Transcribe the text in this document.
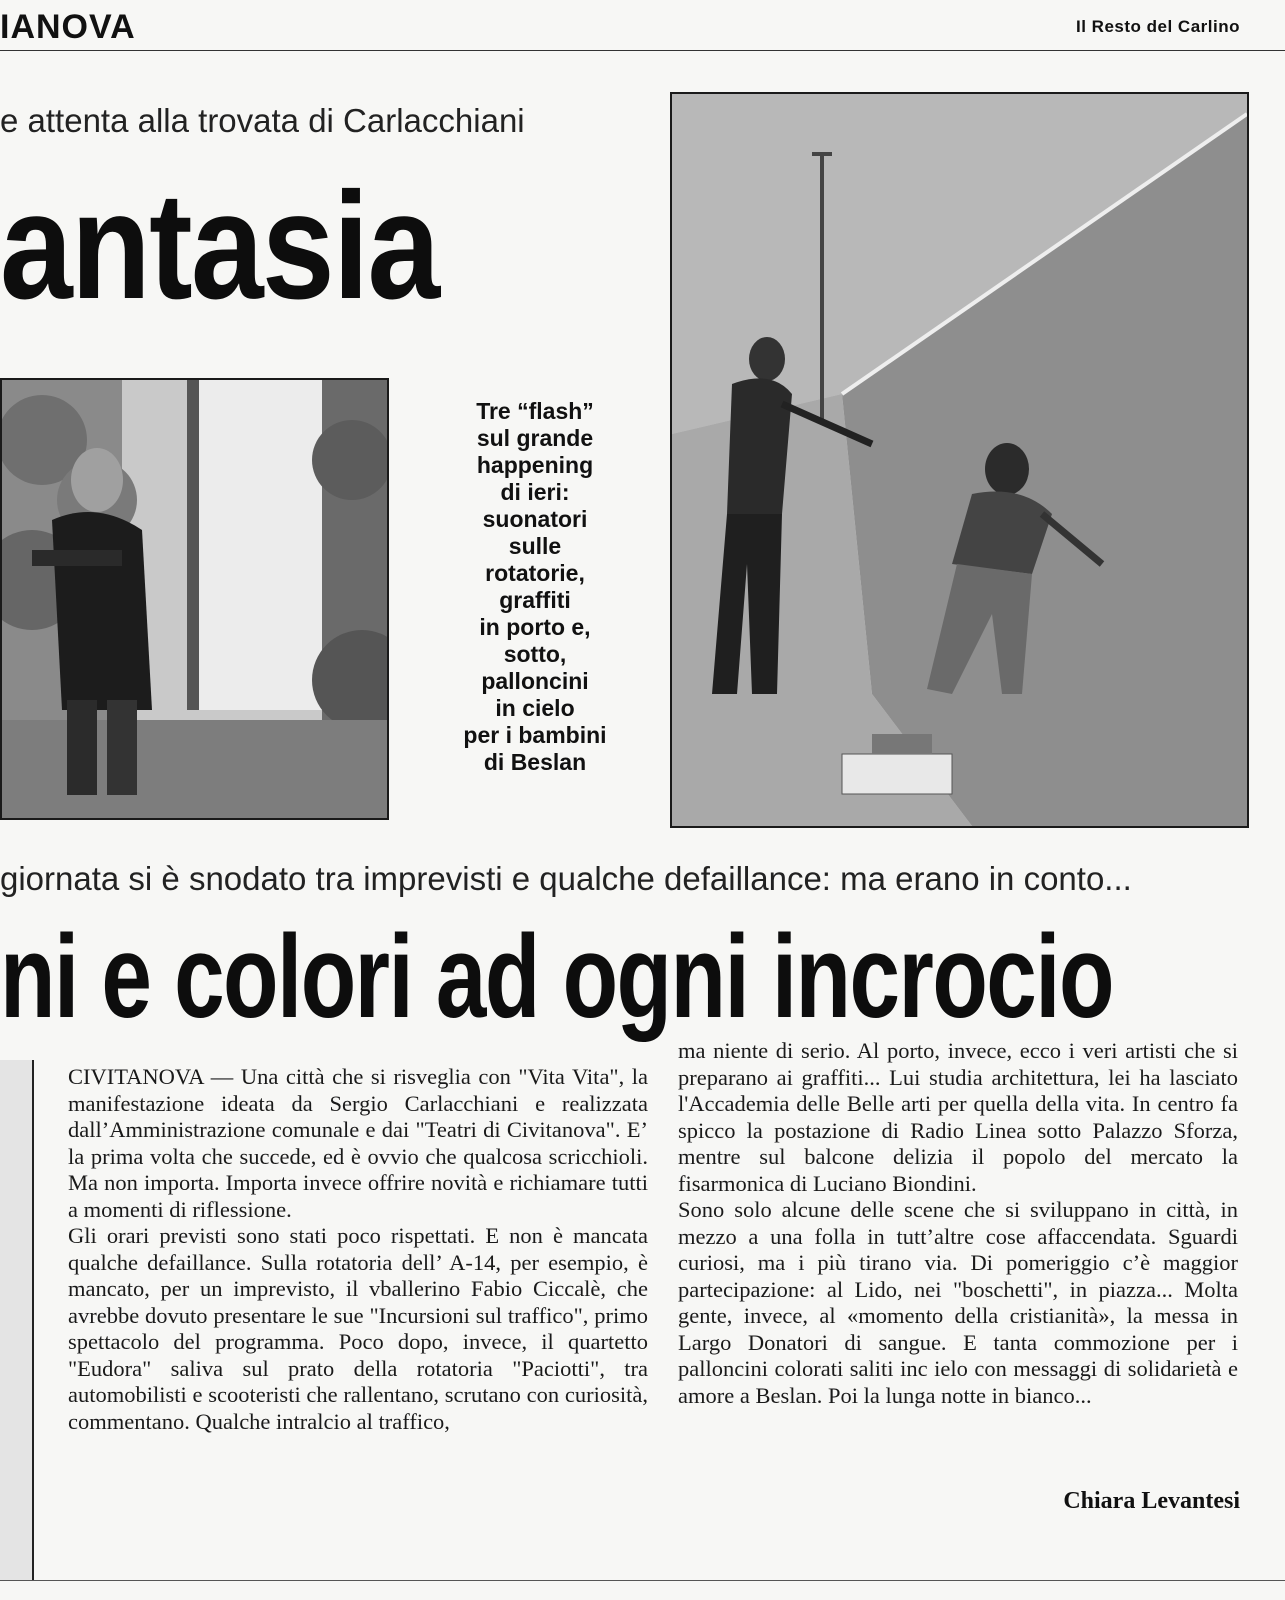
IANOVA	Il Resto del Carlino
e attenta alla trovata di Carlacchiani
antasia
Tre “flash”
sul grande
happening
di ieri:
suonatori
sulle
rotatorie,
graffiti
in porto e,
sotto,
palloncini
in cielo
per i bambini
di Beslan
giornata si è snodato tra imprevisti e qualche defaillance: ma erano in conto...
ni e colori ad ogni incrocio

CIVITANOVA — Una città che si risveglia con "Vita Vita", la manifestazione ideata da Sergio Carlacchiani e realizzata dall’Amministrazione comunale e dai "Teatri di Civitanova". E’ la prima volta che succede, ed è ovvio che qualcosa scricchioli. Ma non importa. Importa invece offrire novità e richiamare tutti a momenti di riflessione.

Gli orari previsti sono stati poco rispettati. E non è mancata qualche defaillance. Sulla rotatoria dell’ A-14, per esempio, è mancato, per un imprevisto, il vballerino Fabio Ciccalè, che avrebbe dovuto presentare le sue "Incursioni sul traffico", primo spettacolo del programma. Poco dopo, invece, il quartetto "Eudora" saliva sul prato della rotatoria "Paciotti", tra automobilisti e scooteristi che rallentano, scrutano con curiosità, commentano. Qualche intralcio al traffico,

ma niente di serio. Al porto, invece, ecco i veri artisti che si preparano ai graffiti... Lui studia architettura, lei ha lasciato l'Accademia delle Belle arti per quella della vita. In centro fa spicco la postazione di Radio Linea sotto Palazzo Sforza, mentre sul balcone delizia il popolo del mercato la fisarmonica di Luciano Biondini.

Sono solo alcune delle scene che si sviluppano in città, in mezzo a una folla in tutt’altre cose affaccendata. Sguardi curiosi, ma i più tirano via. Di pomeriggio c’è maggior partecipazione: al Lido, nei "boschetti", in piazza... Molta gente, invece, al «momento della cristianità», la messa in Largo Donatori di sangue. E tanta commozione per i palloncini colorati saliti inc ielo con messaggi di solidarietà e amore a Beslan. Poi la lunga notte in bianco...

Chiara Levantesi
